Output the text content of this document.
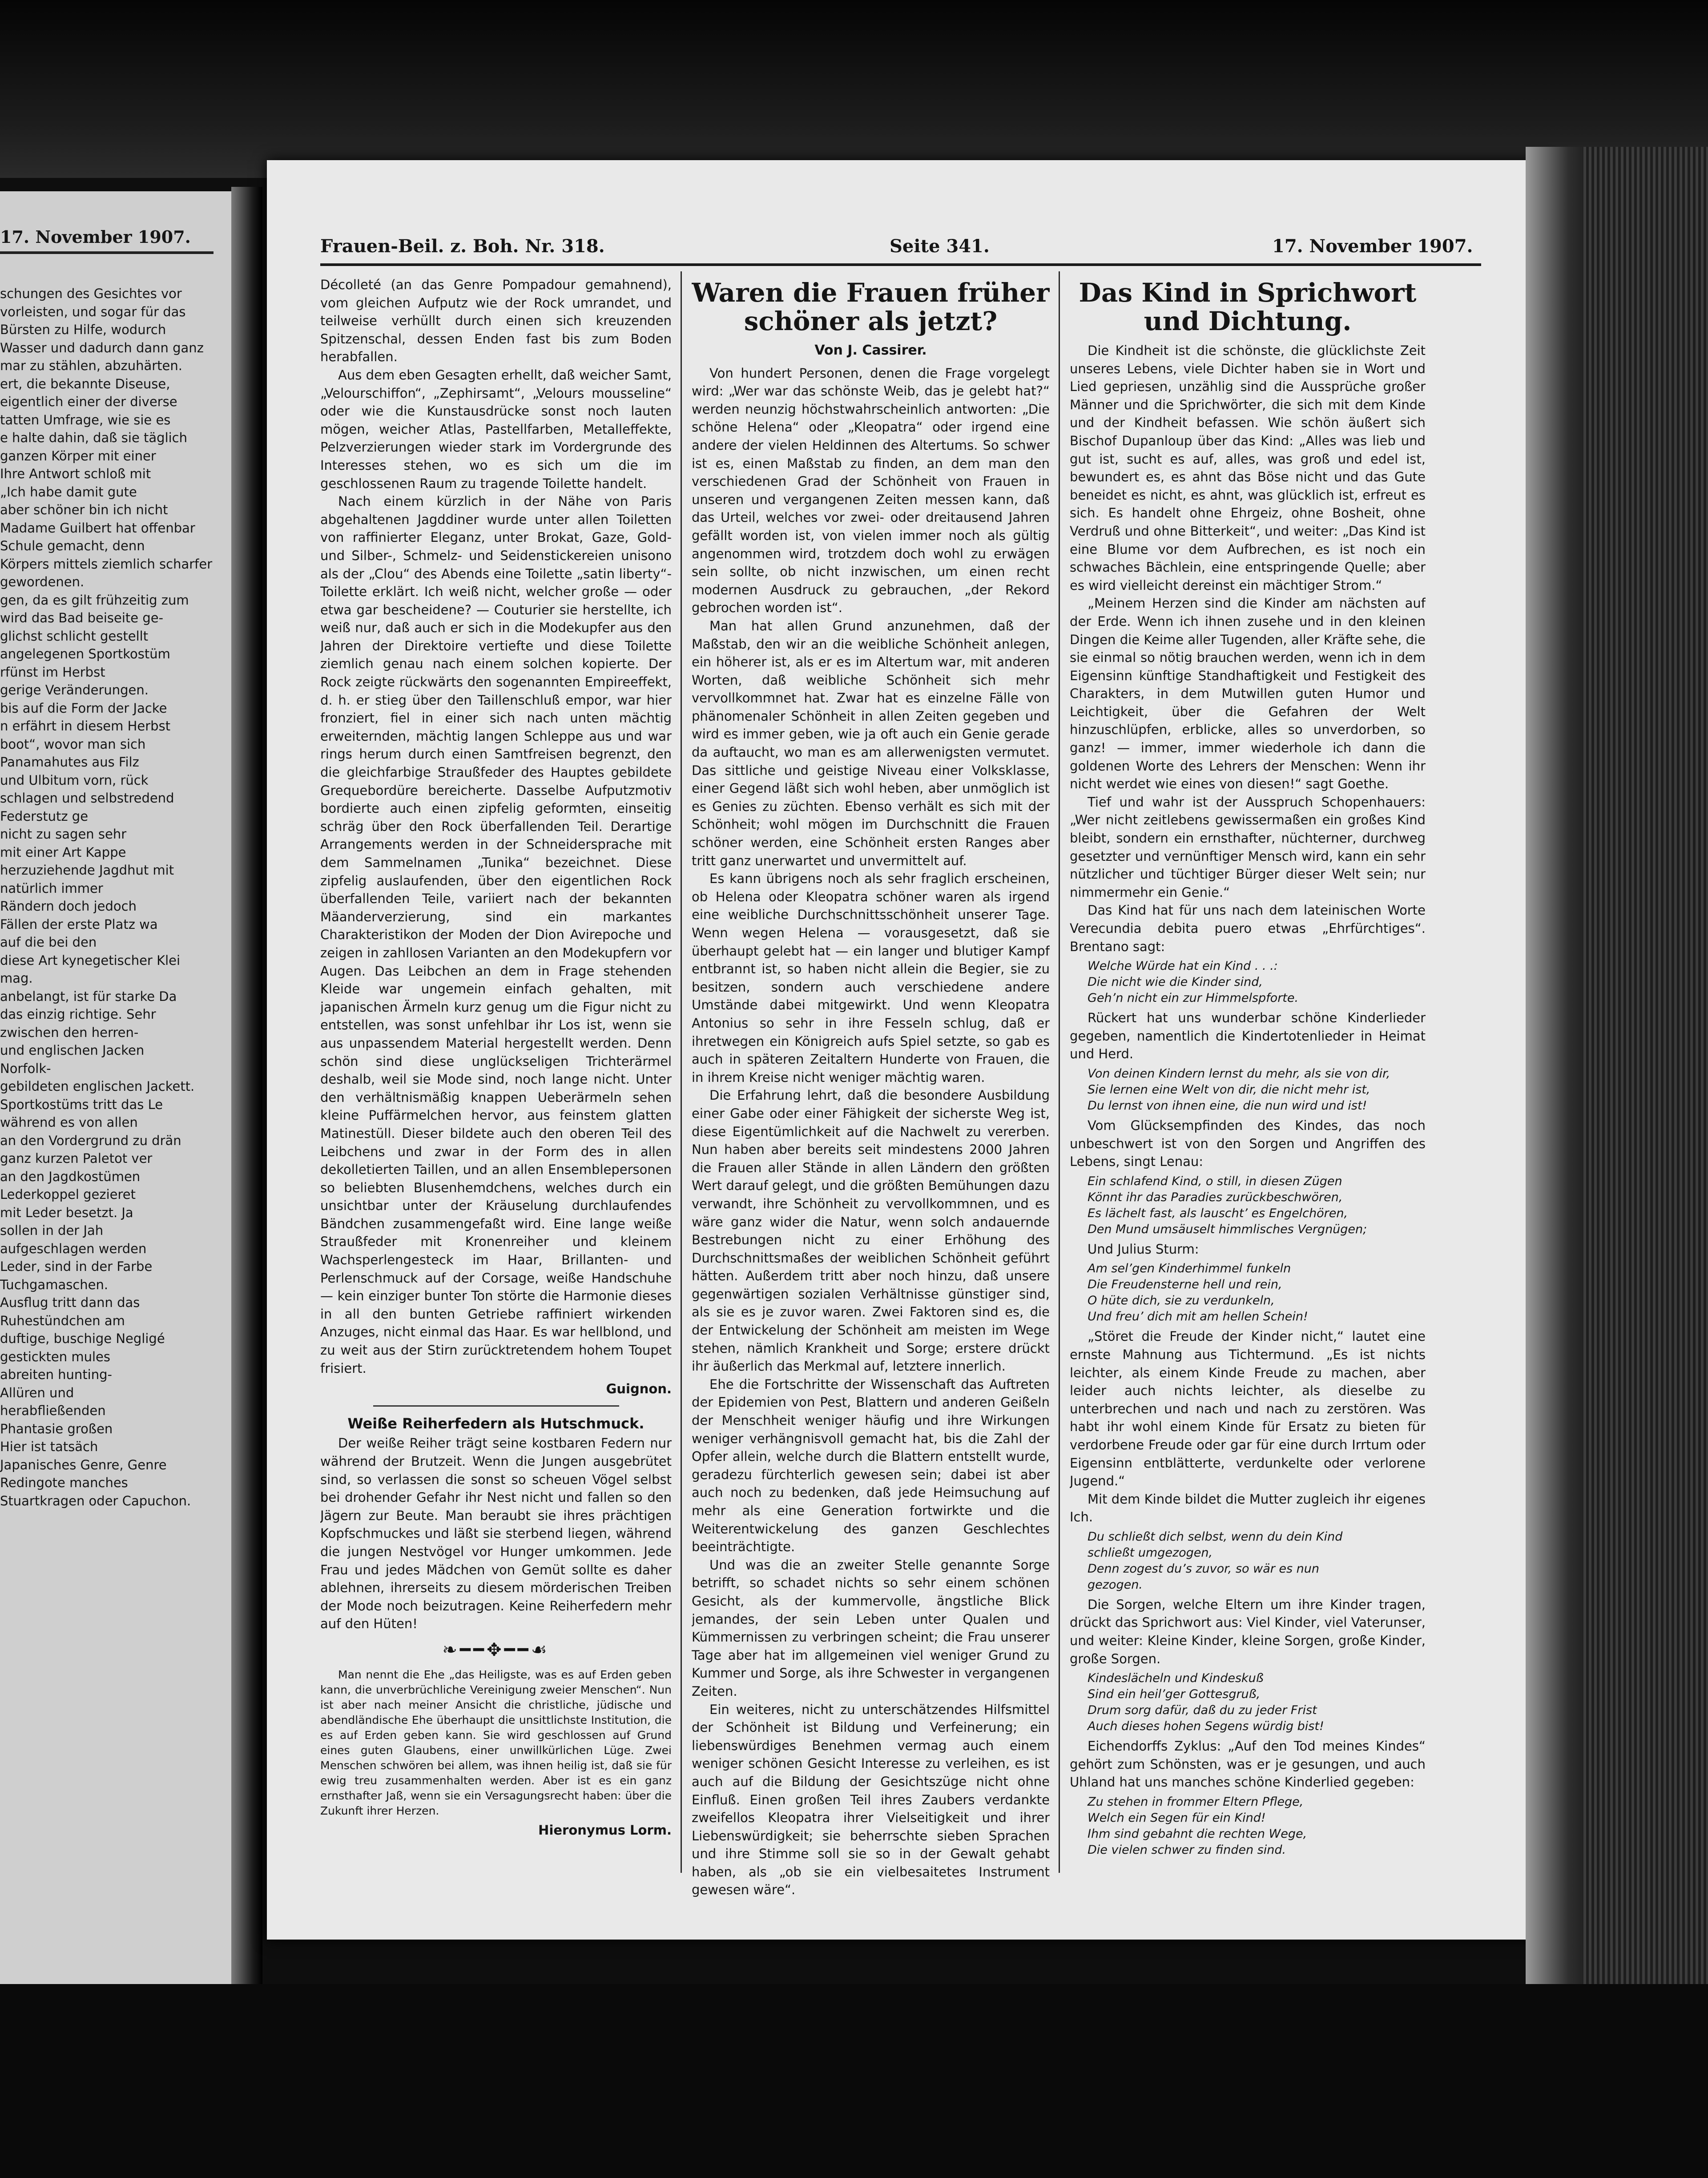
17. November 1907.
schungen des Gesichtes vor
vorleisten, und sogar für das
Bürsten zu Hilfe, wodurch
Wasser und dadurch dann ganz
mar zu stählen, abzuhärten.
ert, die bekannte Diseuse,
eigentlich einer der diverse
tatten Umfrage, wie sie es
e halte dahin, daß sie täglich
ganzen Körper mit einer
Ihre Antwort schloß mit
„Ich habe damit gute
aber schöner bin ich nicht
Madame Guilbert hat offenbar
Schule gemacht, denn
Körpers mittels ziemlich scharfer
gewordenen.
gen, da es gilt frühzeitig zum
wird das Bad beiseite ge-
glichst schlicht gestellt
angelegenen Sportkostüm
rfünst im Herbst
gerige Veränderungen.
bis auf die Form der Jacke
n erfährt in diesem Herbst
boot“, wovor man sich
Panamahutes aus Filz
und Ulbitum vorn, rück
schlagen und selbstredend
Federstutz ge
nicht zu sagen sehr
mit einer Art Kappe
herzuziehende Jagdhut mit
natürlich immer
Rändern doch jedoch
Fällen der erste Platz wa
auf die bei den
diese Art kynegetischer Klei
mag.
anbelangt, ist für starke Da
das einzig richtige. Sehr
zwischen den herren-
und englischen Jacken
Norfolk-
gebildeten englischen Jackett.
Sportkostüms tritt das Le
während es von allen
an den Vordergrund zu drän
ganz kurzen Paletot ver
an den Jagdkostümen
Lederkoppel gezieret
mit Leder besetzt. Ja
sollen in der Jah
aufgeschlagen werden
Leder, sind in der Farbe
Tuchgamaschen.
Ausflug tritt dann das
Ruhestündchen am
duftige, buschige Negligé
gestickten mules
abreiten hunting-
Allüren und
herabfließenden
Phantasie großen
Hier ist tatsäch
Japanisches Genre, Genre
Redingote manches
Stuartkragen oder Capuchon.
Frauen-Beil. z. Boh. Nr. 318.	Seite 341.	17. November 1907.

Décolleté (an das Genre Pompadour gemahnend), vom gleichen Aufputz wie der Rock umrandet, und teilweise verhüllt durch einen sich kreuzenden Spitzenschal, dessen Enden fast bis zum Boden herabfallen.

Aus dem eben Gesagten erhellt, daß weicher Samt, „Velourschiffon“, „Zephirsamt“, „Velours mousseline“ oder wie die Kunstausdrücke sonst noch lauten mögen, weicher Atlas, Pastellfarben, Metalleffekte, Pelzverzierungen wieder stark im Vordergrunde des Interesses stehen, wo es sich um die im geschlossenen Raum zu tragende Toilette handelt.

Nach einem kürzlich in der Nähe von Paris abgehaltenen Jagddiner wurde unter allen Toiletten von raffinierter Eleganz, unter Brokat, Gaze, Gold- und Silber-, Schmelz- und Seidenstickereien unisono als der „Clou“ des Abends eine Toilette „satin liberty“-Toilette erklärt. Ich weiß nicht, welcher große — oder etwa gar bescheidene? — Couturier sie herstellte, ich weiß nur, daß auch er sich in die Modekupfer aus den Jahren der Direktoire vertiefte und diese Toilette ziemlich genau nach einem solchen kopierte. Der Rock zeigte rückwärts den sogenannten Empireeffekt, d. h. er stieg über den Taillenschluß empor, war hier fronziert, fiel in einer sich nach unten mächtig erweiternden, mächtig langen Schleppe aus und war rings herum durch einen Samtfreisen begrenzt, den die gleichfarbige Straußfeder des Hauptes gebildete Grequebordüre bereicherte. Dasselbe Aufputzmotiv bordierte auch einen zipfelig geformten, einseitig schräg über den Rock überfallenden Teil. Derartige Arrangements werden in der Schneidersprache mit dem Sammelnamen „Tunika“ bezeichnet. Diese zipfelig auslaufenden, über den eigentlichen Rock überfallenden Teile, variiert nach der bekannten Mäanderverzierung, sind ein markantes Charakteristikon der Moden der Dion Avirepoche und zeigen in zahllosen Varianten an den Modekupfern vor Augen. Das Leibchen an dem in Frage stehenden Kleide war ungemein einfach gehalten, mit japanischen Ärmeln kurz genug um die Figur nicht zu entstellen, was sonst unfehlbar ihr Los ist, wenn sie aus unpassendem Material hergestellt werden. Denn schön sind diese unglückseligen Trichterärmel deshalb, weil sie Mode sind, noch lange nicht. Unter den verhältnismäßig knappen Ueberärmeln sehen kleine Puffärmelchen hervor, aus feinstem glatten Matinestüll. Dieser bildete auch den oberen Teil des Leibchens und zwar in der Form des in allen dekolletierten Taillen, und an allen Ensemblepersonen so beliebten Blusenhemdchens, welches durch ein unsichtbar unter der Kräuselung durchlaufendes Bändchen zusammengefaßt wird. Eine lange weiße Straußfeder mit Kronenreiher und kleinem Wachsperlengesteck im Haar, Brillanten- und Perlenschmuck auf der Corsage, weiße Handschuhe — kein einziger bunter Ton störte die Harmonie dieses in all den bunten Getriebe raffiniert wirkenden Anzuges, nicht einmal das Haar. Es war hellblond, und zu weit aus der Stirn zurücktretendem hohem Toupet frisiert.

Guignon.
Weiße Reiherfedern als Hutschmuck.

Der weiße Reiher trägt seine kostbaren Federn nur während der Brutzeit. Wenn die Jungen ausgebrütet sind, so verlassen die sonst so scheuen Vögel selbst bei drohender Gefahr ihr Nest nicht und fallen so den Jägern zur Beute. Man beraubt sie ihres prächtigen Kopfschmuckes und läßt sie sterbend liegen, während die jungen Nestvögel vor Hunger umkommen. Jede Frau und jedes Mädchen von Gemüt sollte es daher ablehnen, ihrerseits zu diesem mörderischen Treiben der Mode noch beizutragen. Keine Reiherfedern mehr auf den Hüten!

❧━━✥━━☙

Man nennt die Ehe „das Heiligste, was es auf Erden geben kann, die unverbrüchliche Vereinigung zweier Menschen“. Nun ist aber nach meiner Ansicht die christliche, jüdische und abendländische Ehe überhaupt die unsittlichste Institution, die es auf Erden geben kann. Sie wird geschlossen auf Grund eines guten Glaubens, einer unwillkürlichen Lüge. Zwei Menschen schwören bei allem, was ihnen heilig ist, daß sie für ewig treu zusammenhalten werden. Aber ist es ein ganz ernsthafter Jaß, wenn sie ein Versagungsrecht haben: über die Zukunft ihrer Herzen.

Hieronymus Lorm.
Waren die Frauen früher schöner als jetzt?
Von J. Cassirer.

Von hundert Personen, denen die Frage vorgelegt wird: „Wer war das schönste Weib, das je gelebt hat?“ werden neunzig höchstwahrscheinlich antworten: „Die schöne Helena“ oder „Kleopatra“ oder irgend eine andere der vielen Heldinnen des Altertums. So schwer ist es, einen Maßstab zu finden, an dem man den verschiedenen Grad der Schönheit von Frauen in unseren und vergangenen Zeiten messen kann, daß das Urteil, welches vor zwei- oder dreitausend Jahren gefällt worden ist, von vielen immer noch als gültig angenommen wird, trotzdem doch wohl zu erwägen sein sollte, ob nicht inzwischen, um einen recht modernen Ausdruck zu gebrauchen, „der Rekord gebrochen worden ist“.

Man hat allen Grund anzunehmen, daß der Maßstab, den wir an die weibliche Schönheit anlegen, ein höherer ist, als er es im Altertum war, mit anderen Worten, daß weibliche Schönheit sich mehr vervollkommnet hat. Zwar hat es einzelne Fälle von phänomenaler Schönheit in allen Zeiten gegeben und wird es immer geben, wie ja oft auch ein Genie gerade da auftaucht, wo man es am allerwenigsten vermutet. Das sittliche und geistige Niveau einer Volksklasse, einer Gegend läßt sich wohl heben, aber unmöglich ist es Genies zu züchten. Ebenso verhält es sich mit der Schönheit; wohl mögen im Durchschnitt die Frauen schöner werden, eine Schönheit ersten Ranges aber tritt ganz unerwartet und unvermittelt auf.

Es kann übrigens noch als sehr fraglich erscheinen, ob Helena oder Kleopatra schöner waren als irgend eine weibliche Durchschnittsschönheit unserer Tage. Wenn wegen Helena — vorausgesetzt, daß sie überhaupt gelebt hat — ein langer und blutiger Kampf entbrannt ist, so haben nicht allein die Begier, sie zu besitzen, sondern auch verschiedene andere Umstände dabei mitgewirkt. Und wenn Kleopatra Antonius so sehr in ihre Fesseln schlug, daß er ihretwegen ein Königreich aufs Spiel setzte, so gab es auch in späteren Zeitaltern Hunderte von Frauen, die in ihrem Kreise nicht weniger mächtig waren.

Die Erfahrung lehrt, daß die besondere Ausbildung einer Gabe oder einer Fähigkeit der sicherste Weg ist, diese Eigentümlichkeit auf die Nachwelt zu vererben. Nun haben aber bereits seit mindestens 2000 Jahren die Frauen aller Stände in allen Ländern den größten Wert darauf gelegt, und die größten Bemühungen dazu verwandt, ihre Schönheit zu vervollkommnen, und es wäre ganz wider die Natur, wenn solch andauernde Bestrebungen nicht zu einer Erhöhung des Durchschnittsmaßes der weiblichen Schönheit geführt hätten. Außerdem tritt aber noch hinzu, daß unsere gegenwärtigen sozialen Verhältnisse günstiger sind, als sie es je zuvor waren. Zwei Faktoren sind es, die der Entwickelung der Schönheit am meisten im Wege stehen, nämlich Krankheit und Sorge; erstere drückt ihr äußerlich das Merkmal auf, letztere innerlich.

Ehe die Fortschritte der Wissenschaft das Auftreten der Epidemien von Pest, Blattern und anderen Geißeln der Menschheit weniger häufig und ihre Wirkungen weniger verhängnisvoll gemacht hat, bis die Zahl der Opfer allein, welche durch die Blattern entstellt wurde, geradezu fürchterlich gewesen sein; dabei ist aber auch noch zu bedenken, daß jede Heimsuchung auf mehr als eine Generation fortwirkte und die Weiterentwickelung des ganzen Geschlechtes beeinträchtigte.

Und was die an zweiter Stelle genannte Sorge betrifft, so schadet nichts so sehr einem schönen Gesicht, als der kummervolle, ängstliche Blick jemandes, der sein Leben unter Qualen und Kümmernissen zu verbringen scheint; die Frau unserer Tage aber hat im allgemeinen viel weniger Grund zu Kummer und Sorge, als ihre Schwester in vergangenen Zeiten.

Ein weiteres, nicht zu unterschätzendes Hilfsmittel der Schönheit ist Bildung und Verfeinerung; ein liebenswürdiges Benehmen vermag auch einem weniger schönen Gesicht Interesse zu verleihen, es ist auch auf die Bildung der Gesichtszüge nicht ohne Einfluß. Einen großen Teil ihres Zaubers verdankte zweifellos Kleopatra ihrer Vielseitigkeit und ihrer Liebenswürdigkeit; sie beherrschte sieben Sprachen und ihre Stimme soll sie so in der Gewalt gehabt haben, als „ob sie ein vielbesaitetes Instrument gewesen wäre“.

Das Kind in Sprichwort und Dichtung.

Die Kindheit ist die schönste, die glücklichste Zeit unseres Lebens, viele Dichter haben sie in Wort und Lied gepriesen, unzählig sind die Aussprüche großer Männer und die Sprichwörter, die sich mit dem Kinde und der Kindheit befassen. Wie schön äußert sich Bischof Dupanloup über das Kind: „Alles was lieb und gut ist, sucht es auf, alles, was groß und edel ist, bewundert es, es ahnt das Böse nicht und das Gute beneidet es nicht, es ahnt, was glücklich ist, erfreut es sich. Es handelt ohne Ehrgeiz, ohne Bosheit, ohne Verdruß und ohne Bitterkeit“, und weiter: „Das Kind ist eine Blume vor dem Aufbrechen, es ist noch ein schwaches Bächlein, eine entspringende Quelle; aber es wird vielleicht dereinst ein mächtiger Strom.“

„Meinem Herzen sind die Kinder am nächsten auf der Erde. Wenn ich ihnen zusehe und in den kleinen Dingen die Keime aller Tugenden, aller Kräfte sehe, die sie einmal so nötig brauchen werden, wenn ich in dem Eigensinn künftige Standhaftigkeit und Festigkeit des Charakters, in dem Mutwillen guten Humor und Leichtigkeit, über die Gefahren der Welt hinzuschlüpfen, erblicke, alles so unverdorben, so ganz! — immer, immer wiederhole ich dann die goldenen Worte des Lehrers der Menschen: Wenn ihr nicht werdet wie eines von diesen!“ sagt Goethe.

Tief und wahr ist der Ausspruch Schopenhauers: „Wer nicht zeitlebens gewissermaßen ein großes Kind bleibt, sondern ein ernsthafter, nüchterner, durchweg gesetzter und vernünftiger Mensch wird, kann ein sehr nützlicher und tüchtiger Bürger dieser Welt sein; nur nimmermehr ein Genie.“

Das Kind hat für uns nach dem lateinischen Worte Verecundia debita puero etwas „Ehrfürchtiges“. Brentano sagt:

Welche Würde hat ein Kind . . .:
Die nicht wie die Kinder sind,
Geh’n nicht ein zur Himmelspforte.

Rückert hat uns wunderbar schöne Kinderlieder gegeben, namentlich die Kindertotenlieder in Heimat und Herd.

Von deinen Kindern lernst du mehr, als sie von dir,
Sie lernen eine Welt von dir, die nicht mehr ist,
Du lernst von ihnen eine, die nun wird und ist!

Vom Glücksempfinden des Kindes, das noch unbeschwert ist von den Sorgen und Angriffen des Lebens, singt Lenau:

Ein schlafend Kind, o still, in diesen Zügen
Könnt ihr das Paradies zurückbeschwören,
Es lächelt fast, als lauscht’ es Engelchören,
Den Mund umsäuselt himmlisches Vergnügen;

Und Julius Sturm:

Am sel’gen Kinderhimmel funkeln
Die Freudensterne hell und rein,
O hüte dich, sie zu verdunkeln,
Und freu’ dich mit am hellen Schein!

„Störet die Freude der Kinder nicht,“ lautet eine ernste Mahnung aus Tichtermund. „Es ist nichts leichter, als einem Kinde Freude zu machen, aber leider auch nichts leichter, als dieselbe zu unterbrechen und nach und nach zu zerstören. Was habt ihr wohl einem Kinde für Ersatz zu bieten für verdorbene Freude oder gar für eine durch Irrtum oder Eigensinn entblätterte, verdunkelte oder verlorene Jugend.“

Mit dem Kinde bildet die Mutter zugleich ihr eigenes Ich.

Du schließt dich selbst, wenn du dein Kind
schließt umgezogen,
Denn zogest du’s zuvor, so wär es nun
gezogen.

Die Sorgen, welche Eltern um ihre Kinder tragen, drückt das Sprichwort aus: Viel Kinder, viel Vaterunser, und weiter: Kleine Kinder, kleine Sorgen, große Kinder, große Sorgen.

Kindeslächeln und Kindeskuß
Sind ein heil’ger Gottesgruß,
Drum sorg dafür, daß du zu jeder Frist
Auch dieses hohen Segens würdig bist!

Eichendorffs Zyklus: „Auf den Tod meines Kindes“ gehört zum Schönsten, was er je gesungen, und auch Uhland hat uns manches schöne Kinderlied gegeben:

Zu stehen in frommer Eltern Pflege,
Welch ein Segen für ein Kind!
Ihm sind gebahnt die rechten Wege,
Die vielen schwer zu finden sind.
